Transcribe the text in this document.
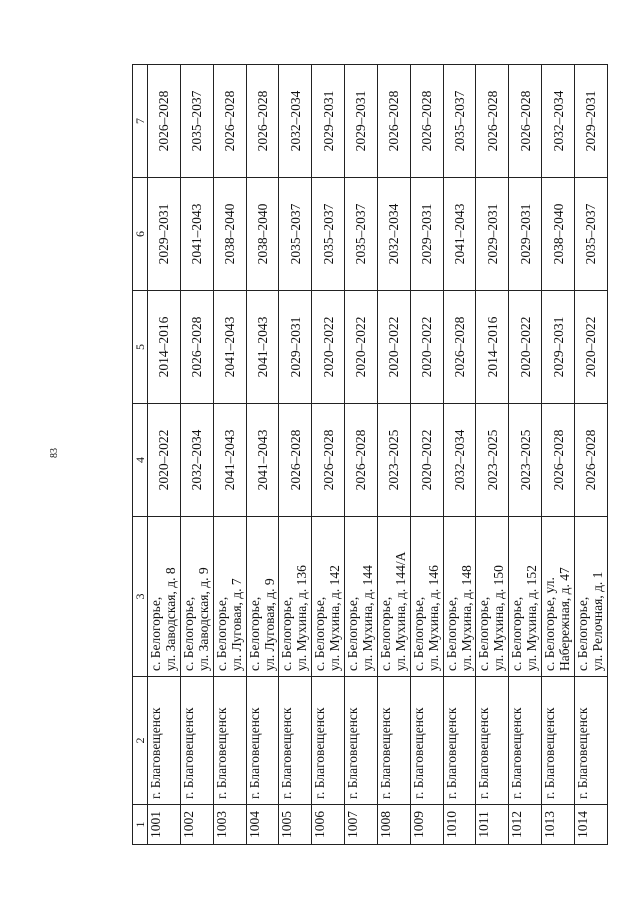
83
1	2	3	4	5	6	7
1001	г. Благовещенск	с. Белогорье, ул. Заводская, д. 8	2020–2022	2014–2016	2029–2031	2026–2028
1002	г. Благовещенск	с. Белогорье, ул. Заводская, д. 9	2032–2034	2026–2028	2041–2043	2035–2037
1003	г. Благовещенск	с. Белогорье, ул. Луговая, д. 7	2041–2043	2041–2043	2038–2040	2026–2028
1004	г. Благовещенск	с. Белогорье, ул. Луговая, д. 9	2041–2043	2041–2043	2038–2040	2026–2028
1005	г. Благовещенск	с. Белогорье, ул. Мухина, д. 136	2026–2028	2029–2031	2035–2037	2032–2034
1006	г. Благовещенск	с. Белогорье, ул. Мухина, д. 142	2026–2028	2020–2022	2035–2037	2029–2031
1007	г. Благовещенск	с. Белогорье, ул. Мухина, д. 144	2026–2028	2020–2022	2035–2037	2029–2031
1008	г. Благовещенск	с. Белогорье, ул. Мухина, д. 144/А	2023–2025	2020–2022	2032–2034	2026–2028
1009	г. Благовещенск	с. Белогорье, ул. Мухина, д. 146	2020–2022	2020–2022	2029–2031	2026–2028
1010	г. Благовещенск	с. Белогорье, ул. Мухина, д. 148	2032–2034	2026–2028	2041–2043	2035–2037
1011	г. Благовещенск	с. Белогорье, ул. Мухина, д. 150	2023–2025	2014–2016	2029–2031	2026–2028
1012	г. Благовещенск	с. Белогорье, ул. Мухина, д. 152	2023–2025	2020–2022	2029–2031	2026–2028
1013	г. Благовещенск	с. Белогорье, ул. Набережная, д. 47	2026–2028	2029–2031	2038–2040	2032–2034
1014	г. Благовещенск	с. Белогорье, ул. Релочная, д. 1	2026–2028	2020–2022	2035–2037	2029–2031
